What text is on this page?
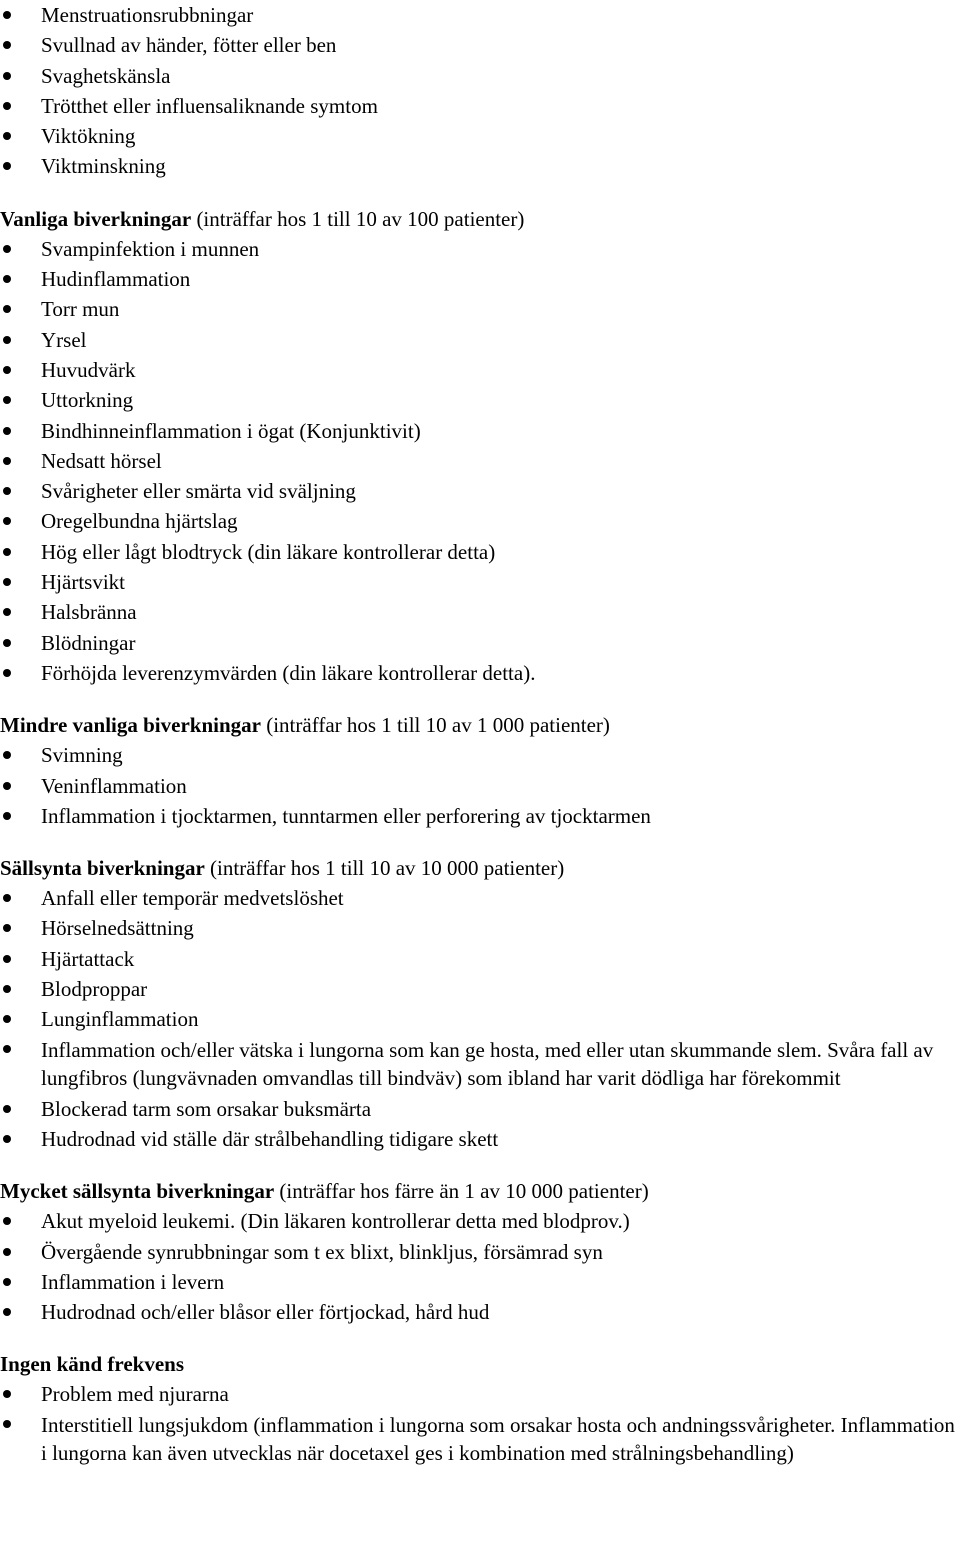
Menstruationsrubbningar
Svullnad av händer, fötter eller ben
Svaghetskänsla
Trötthet eller influensaliknande symtom
Viktökning
Viktminskning
Vanliga biverkningar (inträffar hos 1 till 10 av 100 patienter)
Svampinfektion i munnen
Hudinflammation
Torr mun
Yrsel
Huvudvärk
Uttorkning
Bindhinneinflammation i ögat (Konjunktivit)
Nedsatt hörsel
Svårigheter eller smärta vid sväljning
Oregelbundna hjärtslag
Hög eller lågt blodtryck (din läkare kontrollerar detta)
Hjärtsvikt
Halsbränna
Blödningar
Förhöjda leverenzymvärden (din läkare kontrollerar detta).
Mindre vanliga biverkningar (inträffar hos 1 till 10 av 1 000 patienter)
Svimning
Veninflammation
Inflammation i tjocktarmen, tunntarmen eller perforering av tjocktarmen
Sällsynta biverkningar (inträffar hos 1 till 10 av 10 000 patienter)
Anfall eller temporär medvetslöshet
Hörselnedsättning
Hjärtattack
Blodproppar
Lunginflammation
Inflammation och/eller vätska i lungorna som kan ge hosta, med eller utan skummande slem. Svåra fall av lungfibros (lungvävnaden omvandlas till bindväv) som ibland har varit dödliga har förekommit
Blockerad tarm som orsakar buksmärta
Hudrodnad vid ställe där strålbehandling tidigare skett
Mycket sällsynta biverkningar (inträffar hos färre än 1 av 10 000 patienter)
Akut myeloid leukemi. (Din läkaren kontrollerar detta med blodprov.)
Övergående synrubbningar som t ex blixt, blinkljus, försämrad syn
Inflammation i levern
Hudrodnad och/eller blåsor eller förtjockad, hård hud
Ingen känd frekvens
Problem med njurarna
Interstitiell lungsjukdom (inflammation i lungorna som orsakar hosta och andningssvårigheter. Inflammation i lungorna kan även utvecklas när docetaxel ges i kombination med strålningsbehandling)
